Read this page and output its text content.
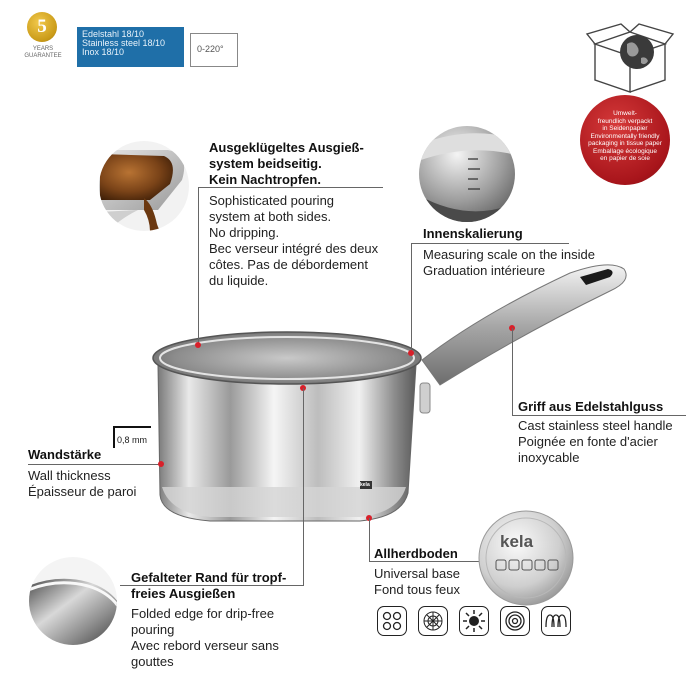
5
YEARS
GUARANTEE
Edelstahl 18/10
Stainless steel 18/10
Inox 18/10	0-220°
Umwelt-
freundlich verpackt
in Seidenpapier
Environmentally friendly
packaging in tissue paper
Emballage écologique
en papier de soie
kela
Ausgeklügeltes Ausgieß-
system beidseitig.
Kein Nachtropfen.
Sophisticated pouring
system at both sides.
No dripping.
Bec verseur intégré des deux
côtes. Pas de débordement
du liquide.
Innenskalierung
Measuring scale on the inside
Graduation intérieure
Griff aus Edelstahlguss
Cast stainless steel handle
Poignée en fonte d'acier
inoxycable
0,8 mm
Wandstärke
Wall thickness
Épaisseur de paroi
Allherdboden
Universal base
Fond tous feux
kela
Gefalteter Rand für tropf-
freies Ausgießen
Folded edge for drip-free
pouring
Avec rebord verseur sans
gouttes
